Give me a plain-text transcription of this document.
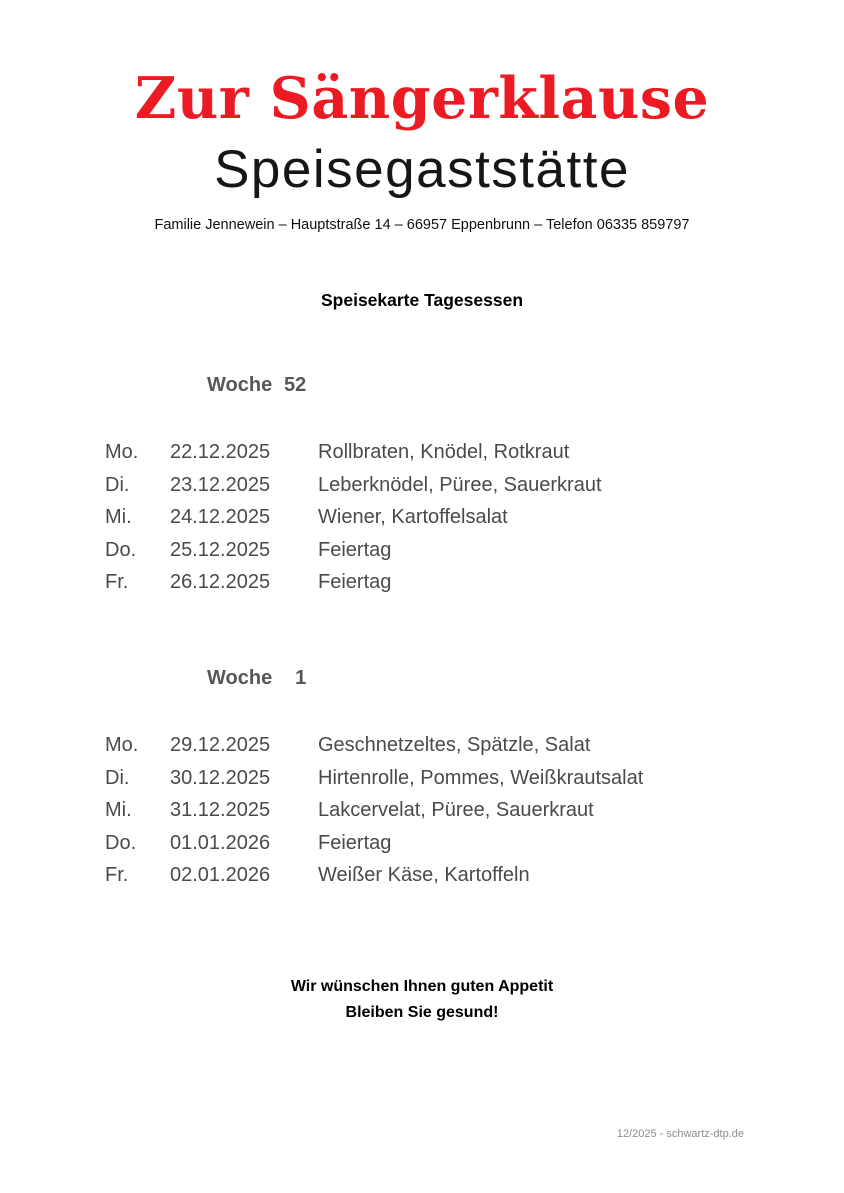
Zur Sängerklause
Speisegaststätte
Familie Jennewein – Hauptstraße 14 – 66957 Eppenbrunn – Telefon 06335 859797
Speisekarte Tagesessen
Woche 52
Mo.	22.12.2025	Rollbraten, Knödel, Rotkraut
Di.	23.12.2025	Leberknödel, Püree, Sauerkraut
Mi.	24.12.2025	Wiener, Kartoffelsalat
Do.	25.12.2025	Feiertag
Fr.	26.12.2025	Feiertag
Woche 1
Mo.	29.12.2025	Geschnetzeltes, Spätzle, Salat
Di.	30.12.2025	Hirtenrolle, Pommes, Weißkrautsalat
Mi.	31.12.2025	Lakcervelat, Püree, Sauerkraut
Do.	01.01.2026	Feiertag
Fr.	02.01.2026	Weißer Käse, Kartoffeln
Wir wünschen Ihnen guten Appetit
Bleiben Sie gesund!
12/2025 - schwartz-dtp.de
